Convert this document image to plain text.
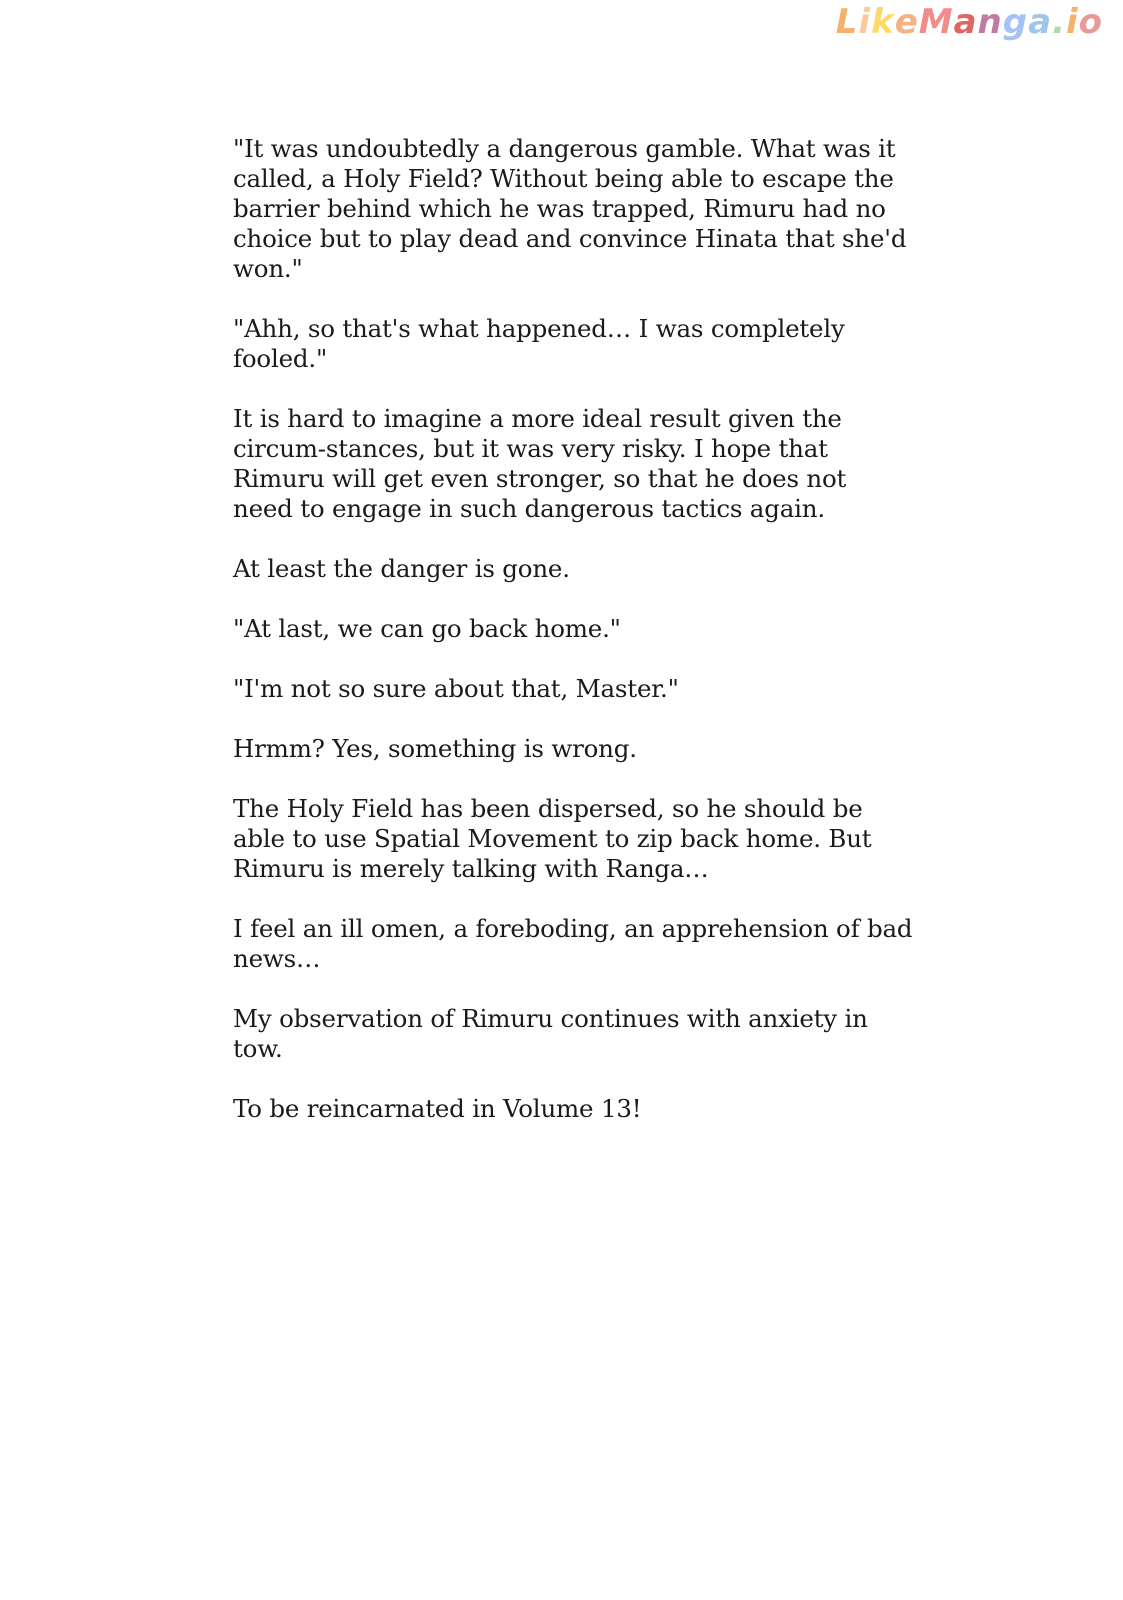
LikeManga.io

"It was undoubtedly a dangerous gamble. What was it called, a Holy Field? Without being able to escape the barrier behind which he was trapped, Rimuru had no choice but to play dead and convince Hinata that she'd won."

"Ahh, so that's what happened… I was completely fooled."

It is hard to imagine a more ideal result given the circum-stances, but it was very risky. I hope that Rimuru will get even stronger, so that he does not need to engage in such dangerous tactics again.

At least the danger is gone.

"At last, we can go back home."

"I'm not so sure about that, Master."

Hrmm? Yes, something is wrong.

The Holy Field has been dispersed, so he should be able to use Spatial Movement to zip back home. But Rimuru is merely talking with Ranga…

I feel an ill omen, a foreboding, an apprehension of bad news…

My observation of Rimuru continues with anxiety in tow.

To be reincarnated in Volume 13!
